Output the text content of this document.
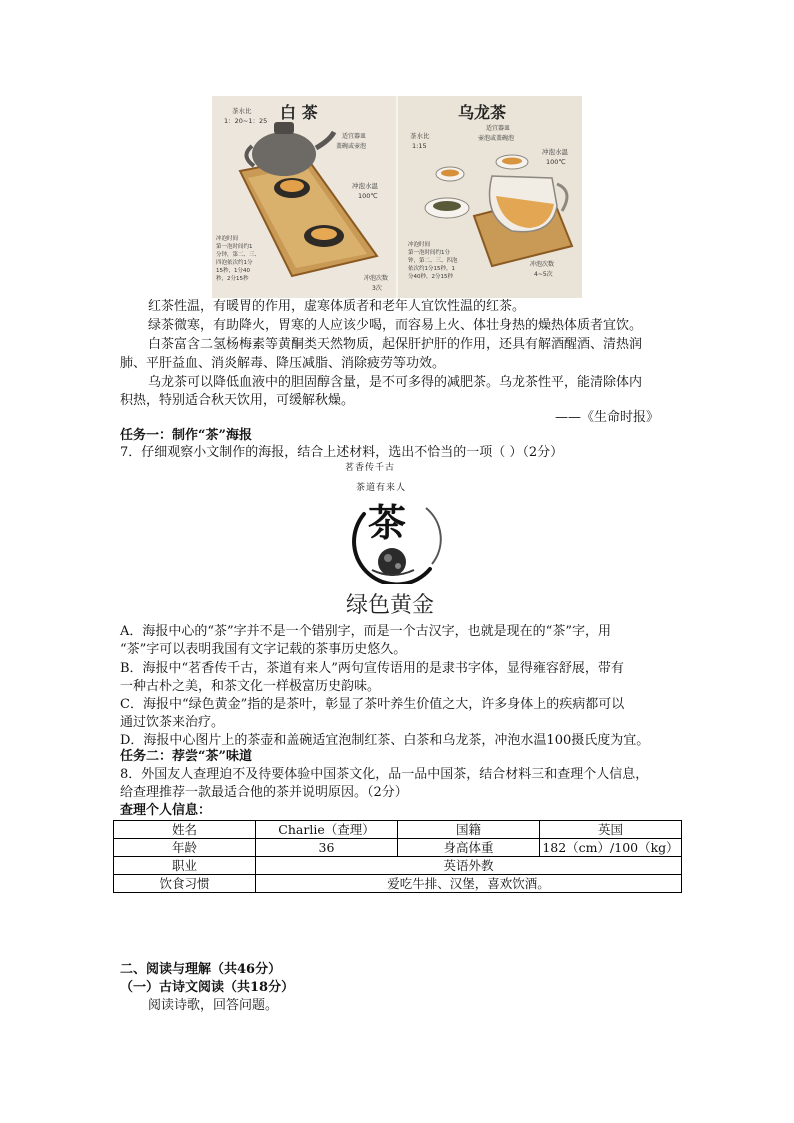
白 茶
茶水比
1：20~1：25
适宜器皿盖碗或壶泡
冲泡水温
100℃
冲泡时间第一泡时间约1 分钟，第二、三、四泡依次约1分 15秒，1分40 秒，2分15秒	冲泡次数
3次
乌龙茶
茶水比
1:15
适宜器皿壶泡或盖碗泡
冲泡水温
100℃
冲泡时间第一泡时间约1分钟，第二、三、四泡依次约1分15秒，1 分40秒，2分15秒
冲泡次数
4~5次
红茶性温，有暖胃的作用，虚寒体质者和老年人宜饮性温的红茶。
绿茶微寒，有助降火，胃寒的人应该少喝，而容易上火、体壮身热的燥热体质者宜饮。
白茶富含二氢杨梅素等黄酮类天然物质，起保肝护肝的作用，还具有解酒醒酒、清热润
肺、平肝益血、消炎解毒、降压减脂、消除疲劳等功效。
乌龙茶可以降低血液中的胆固醇含量，是不可多得的减肥茶。乌龙茶性平，能清除体内
积热，特别适合秋天饮用，可缓解秋燥。
——《生命时报》
任务一：制作“茶”海报
7．仔细观察小文制作的海报，结合上述材料，选出不恰当的一项（ ）（2分）
茗香传千古
茶道有来人
茶
绿色黄金
A．海报中心的“茶”字并不是一个错别字，而是一个古汉字，也就是现在的“茶”字，用
“茶”字可以表明我国有文字记载的茶事历史悠久。
B．海报中“茗香传千古，茶道有来人”两句宣传语用的是隶书字体，显得雍容舒展，带有
一种古朴之美，和茶文化一样极富历史韵味。
C．海报中“绿色黄金”指的是茶叶，彰显了茶叶养生价值之大，许多身体上的疾病都可以
通过饮茶来治疗。
D．海报中心图片上的茶壶和盖碗适宜泡制红茶、白茶和乌龙茶，冲泡水温100摄氏度为宜。
任务二：荐尝“茶”味道
8．外国友人查理迫不及待要体验中国茶文化，品一品中国茶，结合材料三和查理个人信息，
给查理推荐一款最适合他的茶并说明原因。（2分）
查理个人信息：
姓名	Charlie（查理）	国籍	英国
年龄	36	身高体重	182（cm）/100（kg）
职业	英语外教		
饮食习惯	爱吃牛排、汉堡，喜欢饮酒。		
二、阅读与理解（共46分）
（一）古诗文阅读（共18分）
阅读诗歌，回答问题。
